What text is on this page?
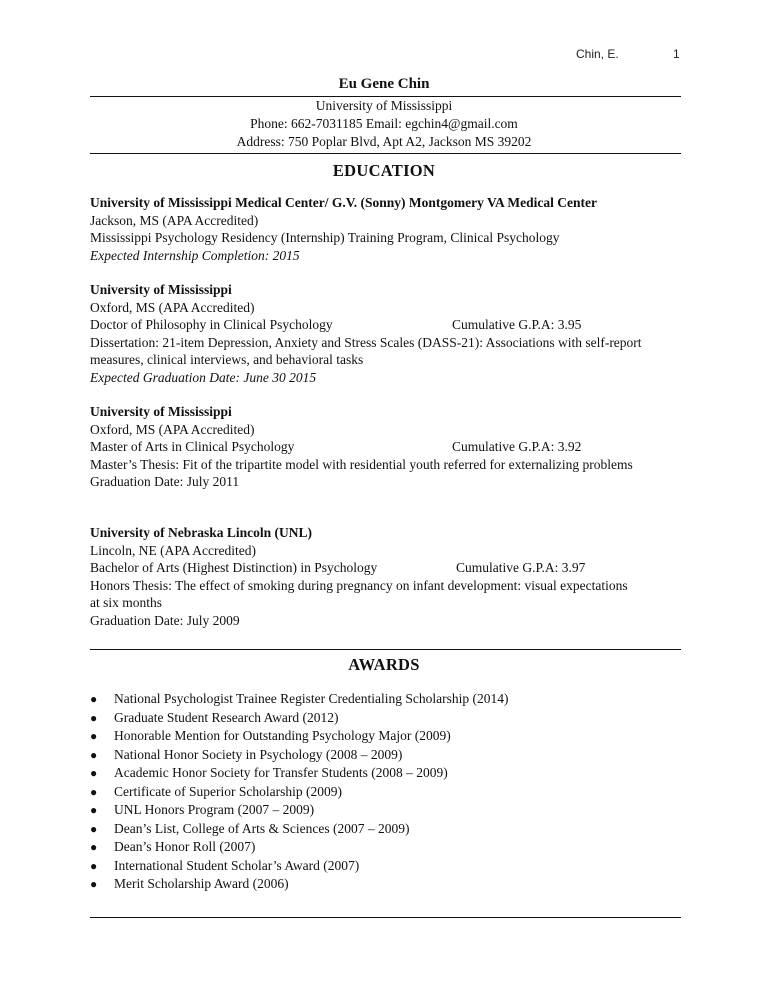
Chin, E.	1
Eu Gene Chin
University of Mississippi
Phone: 662-7031185 Email: egchin4@gmail.com
Address: 750 Poplar Blvd, Apt A2, Jackson MS 39202
EDUCATION
University of Mississippi Medical Center/ G.V. (Sonny) Montgomery VA Medical Center
Jackson, MS (APA Accredited)
Mississippi Psychology Residency (Internship) Training Program, Clinical Psychology
Expected Internship Completion: 2015
University of Mississippi
Oxford, MS (APA Accredited)
Doctor of Philosophy in Clinical Psychology	Cumulative G.P.A: 3.95
Dissertation: 21-item Depression, Anxiety and Stress Scales (DASS-21): Associations with self-report measures, clinical interviews, and behavioral tasks
Expected Graduation Date: June 30 2015
University of Mississippi
Oxford, MS (APA Accredited)
Master of Arts in Clinical Psychology	Cumulative G.P.A: 3.92
Master’s Thesis: Fit of the tripartite model with residential youth referred for externalizing problems
Graduation Date: July 2011
University of Nebraska Lincoln (UNL)
Lincoln, NE (APA Accredited)
Bachelor of Arts (Highest Distinction) in Psychology	Cumulative G.P.A: 3.97
Honors Thesis: The effect of smoking during pregnancy on infant development: visual expectations at six months
Graduation Date: July 2009
AWARDS
● National Psychologist Trainee Register Credentialing Scholarship (2014)
● Graduate Student Research Award (2012)
● Honorable Mention for Outstanding Psychology Major (2009)
● National Honor Society in Psychology (2008 – 2009)
● Academic Honor Society for Transfer Students (2008 – 2009)
● Certificate of Superior Scholarship (2009)
● UNL Honors Program (2007 – 2009)
● Dean’s List, College of Arts & Sciences (2007 – 2009)
● Dean’s Honor Roll (2007)
● International Student Scholar’s Award (2007)
● Merit Scholarship Award (2006)
